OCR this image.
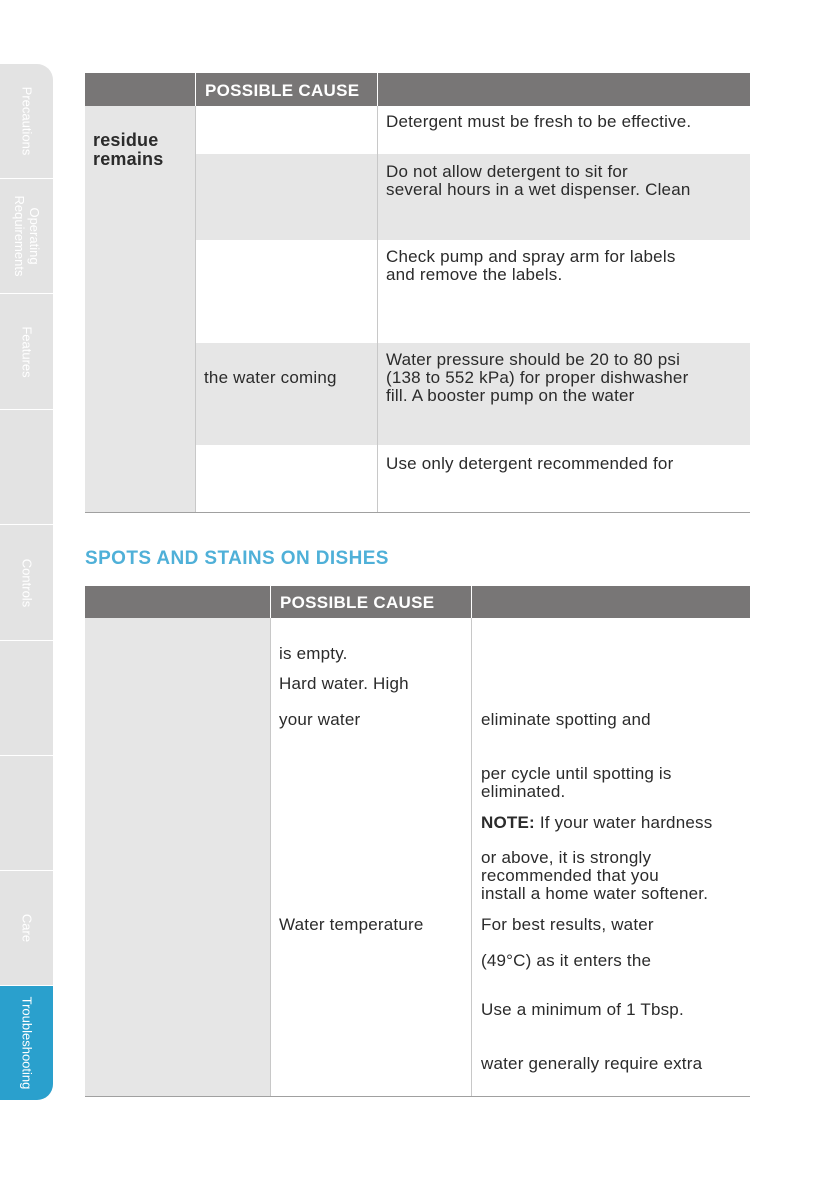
Precautions
Operating
Requirements
Features
Controls
Care
Troubleshooting
POSSIBLE CAUSE
residue
remains
Detergent must be fresh to be effective.
Do not allow detergent to sit for
several hours in a wet dispenser. Clean
Check pump and spray arm for labels
and remove the labels.
the water coming
Water pressure should be 20 to 80 psi
(138 to 552 kPa) for proper dishwasher
fill. A booster pump on the water
Use only detergent recommended for
SPOTS AND STAINS ON DISHES
POSSIBLE CAUSE
is empty.
Hard water. High
your water
Water temperature
eliminate spotting and
per cycle until spotting is
eliminated.
NOTE: If your water hardness
or above, it is strongly
recommended that you
install a home water softener.
For best results, water
(49°C) as it enters the
Use a minimum of 1 Tbsp.
water generally require extra
